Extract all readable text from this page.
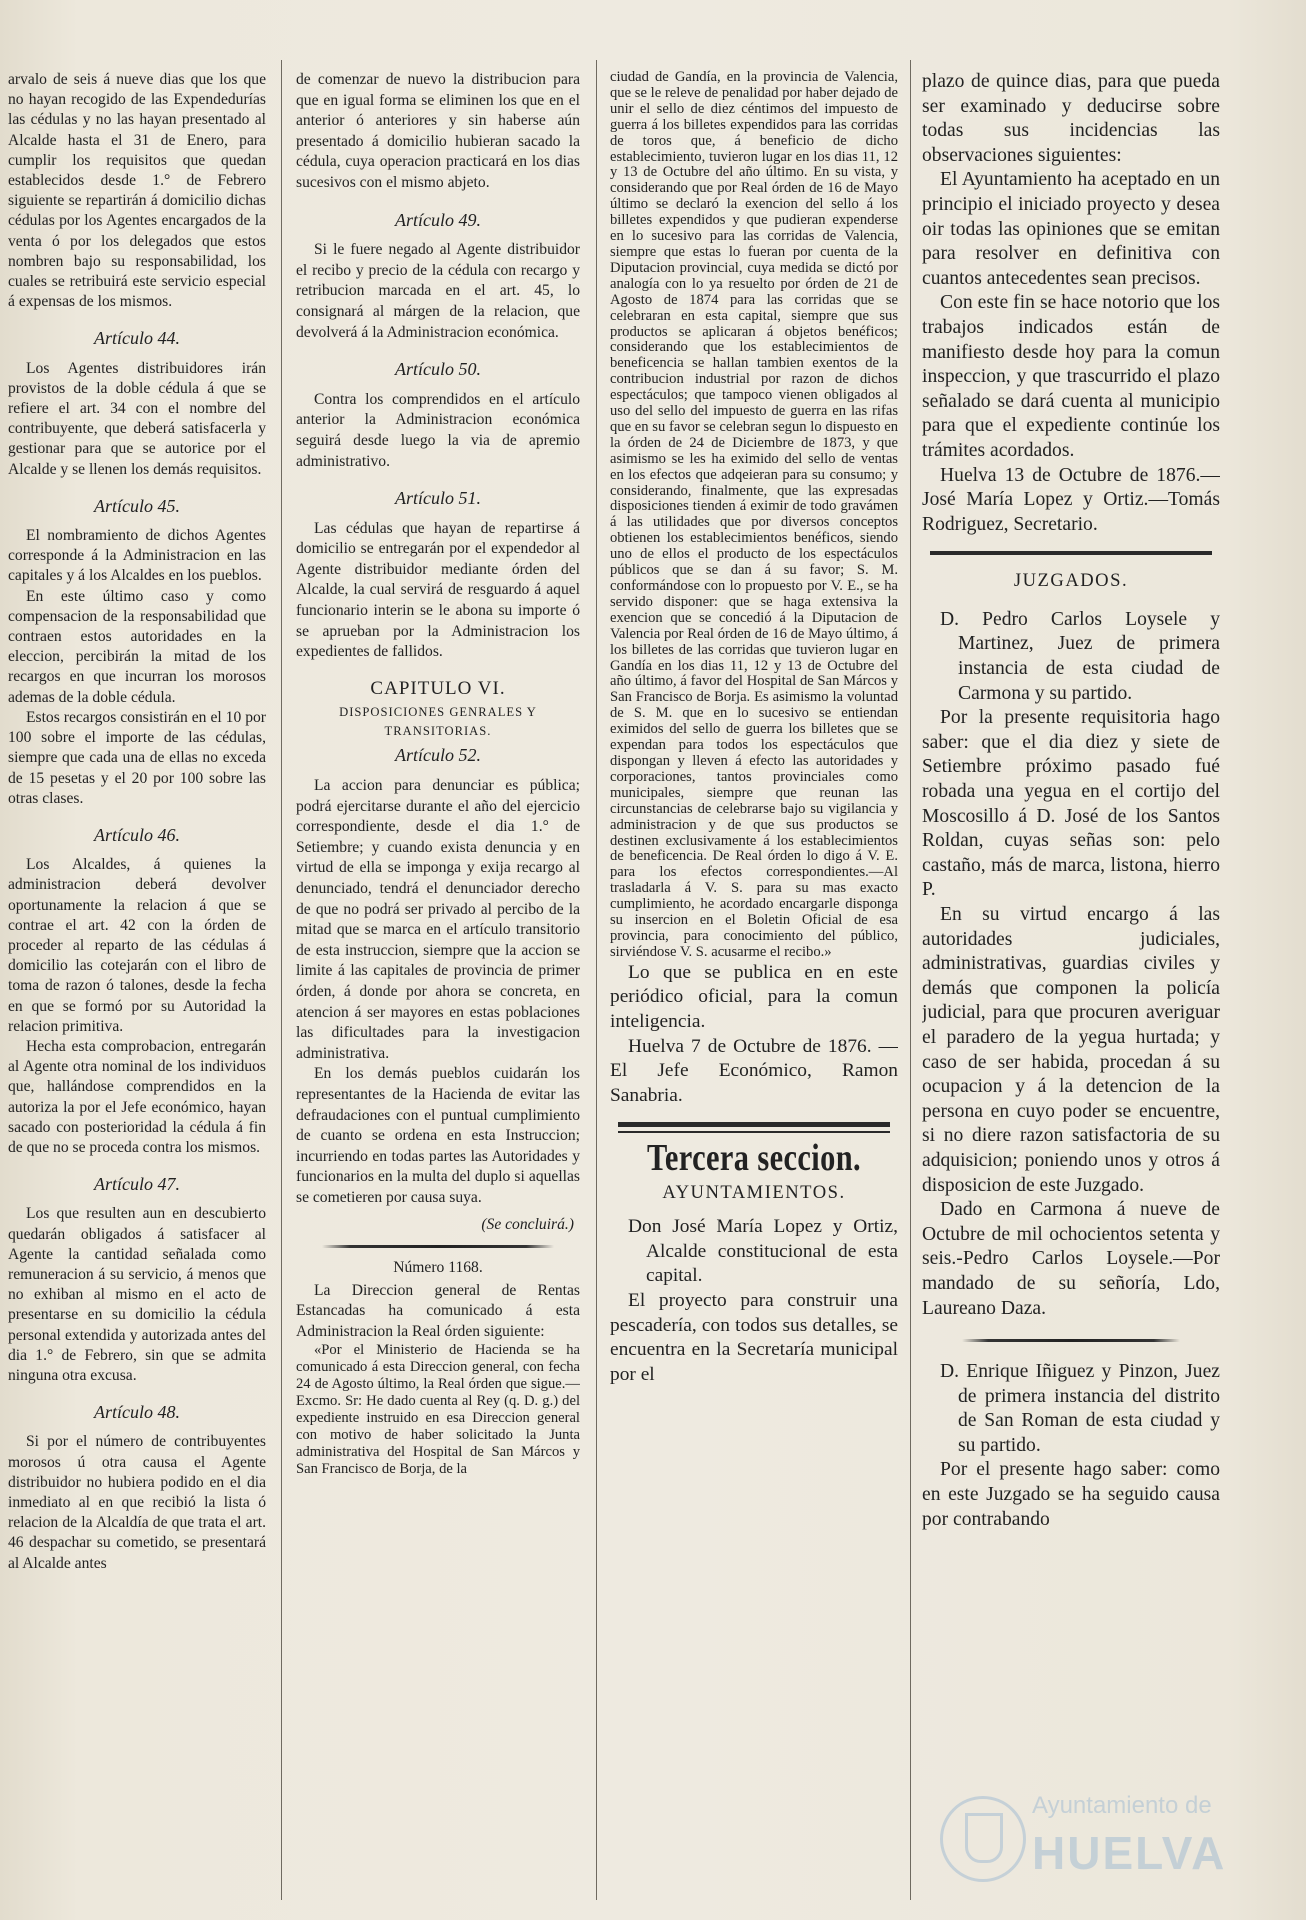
arvalo de seis á nueve dias que los que no hayan recogido de las Expendedurías las cédulas y no las hayan presentado al Alcalde hasta el 31 de Enero, para cumplir los requisitos que quedan establecidos desde 1.° de Febrero siguiente se repartirán á domicilio dichas cédulas por los Agentes encargados de la venta ó por los delegados que estos nombren bajo su responsabilidad, los cuales se retribuirá este servicio especial á expensas de los mismos.

Artículo 44.

Los Agentes distribuidores irán provistos de la doble cédula á que se refiere el art. 34 con el nombre del contribuyente, que deberá satisfacerla y gestionar para que se autorice por el Alcalde y se llenen los demás requisitos.

Artículo 45.

El nombramiento de dichos Agentes corresponde á la Administracion en las capitales y á los Alcaldes en los pueblos.

En este último caso y como compensacion de la responsabilidad que contraen estos autoridades en la eleccion, percibirán la mitad de los recargos en que incurran los morosos ademas de la doble cédula.

Estos recargos consistirán en el 10 por 100 sobre el importe de las cédulas, siempre que cada una de ellas no exceda de 15 pesetas y el 20 por 100 sobre las otras clases.

Artículo 46.

Los Alcaldes, á quienes la administracion deberá devolver oportunamente la relacion á que se contrae el art. 42 con la órden de proceder al reparto de las cédulas á domicilio las cotejarán con el libro de toma de razon ó talones, desde la fecha en que se formó por su Autoridad la relacion primitiva.

Hecha esta comprobacion, entregarán al Agente otra nominal de los individuos que, hallándose comprendidos en la autoriza la por el Jefe económico, hayan sacado con posterioridad la cédula á fin de que no se proceda contra los mismos.

Artículo 47.

Los que resulten aun en descubierto quedarán obligados á satisfacer al Agente la cantidad señalada como remuneracion á su servicio, á menos que no exhiban al mismo en el acto de presentarse en su domicilio la cédula personal extendida y autorizada antes del dia 1.° de Febrero, sin que se admita ninguna otra excusa.

Artículo 48.

Si por el número de contribuyentes morosos ú otra causa el Agente distribuidor no hubiera podido en el dia inmediato al en que recibió la lista ó relacion de la Alcaldía de que trata el art. 46 despachar su cometido, se presentará al Alcalde antes

de comenzar de nuevo la distribucion para que en igual forma se eliminen los que en el anterior ó anteriores y sin haberse aún presentado á domicilio hubieran sacado la cédula, cuya operacion practicará en los dias sucesivos con el mismo abjeto.

Artículo 49.

Si le fuere negado al Agente distribuidor el recibo y precio de la cédula con recargo y retribucion marcada en el art. 45, lo consignará al márgen de la relacion, que devolverá á la Administracion económica.

Artículo 50.

Contra los comprendidos en el artículo anterior la Administracion económica seguirá desde luego la via de apremio administrativo.

Artículo 51.

Las cédulas que hayan de repartirse á domicilio se entregarán por el expendedor al Agente distribuidor mediante órden del Alcalde, la cual servirá de resguardo á aquel funcionario interin se le abona su importe ó se aprueban por la Administracion los expedientes de fallidos.

CAPITULO VI.

DISPOSICIONES GENRALES Y TRANSITORIAS.

Artículo 52.

La accion para denunciar es pública; podrá ejercitarse durante el año del ejercicio correspondiente, desde el dia 1.° de Setiembre; y cuando exista denuncia y en virtud de ella se imponga y exija recargo al denunciado, tendrá el denunciador derecho de que no podrá ser privado al percibo de la mitad que se marca en el artículo transitorio de esta instruccion, siempre que la accion se limite á las capitales de provincia de primer órden, á donde por ahora se concreta, en atencion á ser mayores en estas poblaciones las dificultades para la investigacion administrativa.

En los demás pueblos cuidarán los representantes de la Hacienda de evitar las defraudaciones con el puntual cumplimiento de cuanto se ordena en esta Instruccion; incurriendo en todas partes las Autoridades y funcionarios en la multa del duplo si aquellas se cometieren por causa suya.

(Se concluirá.)

Número 1168.

La Direccion general de Rentas Estancadas ha comunicado á esta Administracion la Real órden siguiente:

«Por el Ministerio de Hacienda se ha comunicado á esta Direccion general, con fecha 24 de Agosto último, la Real órden que sigue.— Excmo. Sr: He dado cuenta al Rey (q. D. g.) del expediente instruido en esa Direccion general con motivo de haber solicitado la Junta administrativa del Hospital de San Márcos y San Francisco de Borja, de la

ciudad de Gandía, en la provincia de Valencia, que se le releve de penalidad por haber dejado de unir el sello de diez céntimos del impuesto de guerra á los billetes expendidos para las corridas de toros que, á beneficio de dicho establecimiento, tuvieron lugar en los dias 11, 12 y 13 de Octubre del año último. En su vista, y considerando que por Real órden de 16 de Mayo último se declaró la exencion del sello á los billetes expendidos y que pudieran expenderse en lo sucesivo para las corridas de Valencia, siempre que estas lo fueran por cuenta de la Diputacion provincial, cuya medida se dictó por analogía con lo ya resuelto por órden de 21 de Agosto de 1874 para las corridas que se celebraran en esta capital, siempre que sus productos se aplicaran á objetos benéficos; considerando que los establecimientos de beneficencia se hallan tambien exentos de la contribucion industrial por razon de dichos espectáculos; que tampoco vienen obligados al uso del sello del impuesto de guerra en las rifas que en su favor se celebran segun lo dispuesto en la órden de 24 de Diciembre de 1873, y que asimismo se les ha eximido del sello de ventas en los efectos que adqeieran para su consumo; y considerando, finalmente, que las expresadas disposiciones tienden á eximir de todo gravámen á las utilidades que por diversos conceptos obtienen los establecimientos benéficos, siendo uno de ellos el producto de los espectáculos públicos que se dan á su favor; S. M. conformándose con lo propuesto por V. E., se ha servido disponer: que se haga extensiva la exencion que se concedió á la Diputacion de Valencia por Real órden de 16 de Mayo último, á los billetes de las corridas que tuvieron lugar en Gandía en los dias 11, 12 y 13 de Octubre del año último, á favor del Hospital de San Márcos y San Francisco de Borja. Es asimismo la voluntad de S. M. que en lo sucesivo se entiendan eximidos del sello de guerra los billetes que se expendan para todos los espectáculos que dispongan y lleven á efecto las autoridades y corporaciones, tantos provinciales como municipales, siempre que reunan las circunstancias de celebrarse bajo su vigilancia y administracion y de que sus productos se destinen exclusivamente á los establecimientos de beneficencia. De Real órden lo digo á V. E. para los efectos correspondientes.—Al trasladarla á V. S. para su mas exacto cumplimiento, he acordado encargarle disponga su insercion en el Boletin Oficial de esa provincia, para conocimiento del público, sirviéndose V. S. acusarme el recibo.»

Lo que se publica en en este periódico oficial, para la comun inteligencia.

Huelva 7 de Octubre de 1876. —El Jefe Económico, Ramon Sanabria.

Tercera seccion.

AYUNTAMIENTOS.

Don José María Lopez y Ortiz, Alcalde constitucional de esta capital.

El proyecto para construir una pescadería, con todos sus detalles, se encuentra en la Secretaría municipal por el

plazo de quince dias, para que pueda ser examinado y deducirse sobre todas sus incidencias las observaciones siguientes:

El Ayuntamiento ha aceptado en un principio el iniciado proyecto y desea oir todas las opiniones que se emitan para resolver en definitiva con cuantos antecedentes sean precisos.

Con este fin se hace notorio que los trabajos indicados están de manifiesto desde hoy para la comun inspeccion, y que trascurrido el plazo señalado se dará cuenta al municipio para que el expediente continúe los trámites acordados.

Huelva 13 de Octubre de 1876.—José María Lopez y Ortiz.—Tomás Rodriguez, Secretario.

JUZGADOS.

D. Pedro Carlos Loysele y Martinez, Juez de primera instancia de esta ciudad de Carmona y su partido.

Por la presente requisitoria hago saber: que el dia diez y siete de Setiembre próximo pasado fué robada una yegua en el cortijo del Moscosillo á D. José de los Santos Roldan, cuyas señas son: pelo castaño, más de marca, listona, hierro P.

En su virtud encargo á las autoridades judiciales, administrativas, guardias civiles y demás que componen la policía judicial, para que procuren averiguar el paradero de la yegua hurtada; y caso de ser habida, procedan á su ocupacion y á la detencion de la persona en cuyo poder se encuentre, si no diere razon satisfactoria de su adquisicion; poniendo unos y otros á disposicion de este Juzgado.

Dado en Carmona á nueve de Octubre de mil ochocientos setenta y seis.-Pedro Carlos Loysele.—Por mandado de su señoría, Ldo, Laureano Daza.

D. Enrique Iñiguez y Pinzon, Juez de primera instancia del distrito de San Roman de esta ciudad y su partido.

Por el presente hago saber: como en este Juzgado se ha seguido causa por contrabando

Ayuntamiento de
HUELVA
